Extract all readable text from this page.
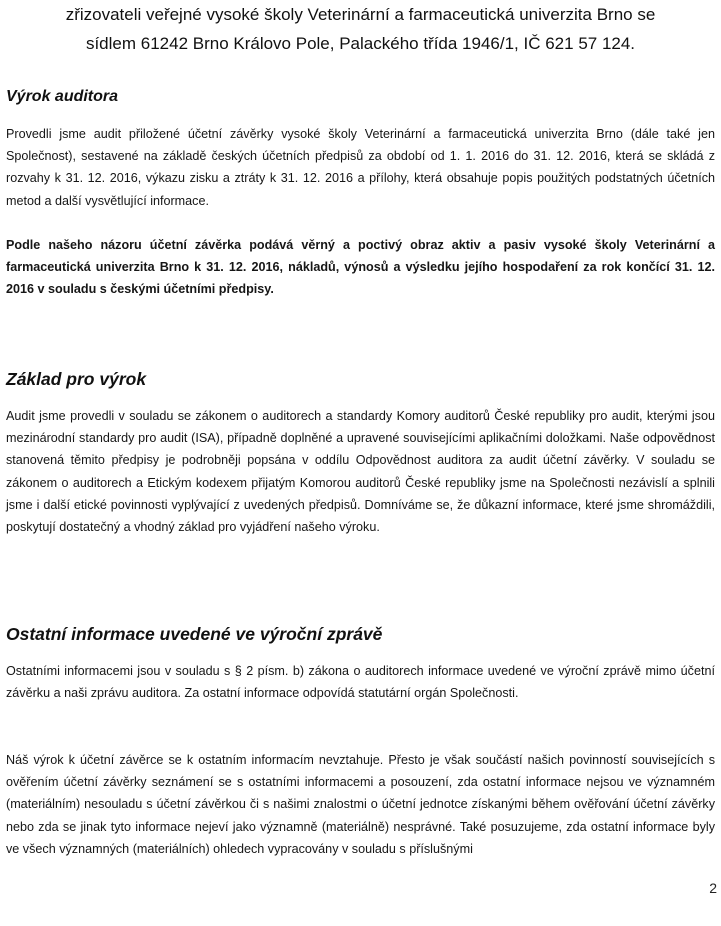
zřizovateli veřejné vysoké školy Veterinární a farmaceutická univerzita Brno se
sídlem 61242 Brno Královo Pole, Palackého třída 1946/1, IČ 621 57 124.
Výrok auditora

Provedli jsme audit přiložené účetní závěrky vysoké školy Veterinární a farmaceutická univerzita Brno (dále také jen Společnost), sestavené na základě českých účetních předpisů za období od 1. 1. 2016 do 31. 12. 2016, která se skládá z rozvahy k 31. 12. 2016, výkazu zisku a ztráty k 31. 12. 2016 a přílohy, která obsahuje popis použitých podstatných účetních metod a další vysvětlující informace.

Podle našeho názoru účetní závěrka podává věrný a poctivý obraz aktiv a pasiv vysoké školy Veterinární a farmaceutická univerzita Brno k 31. 12. 2016, nákladů, výnosů a výsledku jejího hospodaření za rok končící 31. 12. 2016 v souladu s českými účetními předpisy.

Základ pro výrok

Audit jsme provedli v souladu se zákonem o auditorech a standardy Komory auditorů České republiky pro audit, kterými jsou mezinárodní standardy pro audit (ISA), případně doplněné a upravené souvisejícími aplikačními doložkami. Naše odpovědnost stanovená těmito předpisy je podrobněji popsána v oddílu Odpovědnost auditora za audit účetní závěrky. V souladu se zákonem o auditorech a Etickým kodexem přijatým Komorou auditorů České republiky jsme na Společnosti nezávislí a splnili jsme i další etické povinnosti vyplývající z uvedených předpisů. Domníváme se, že důkazní informace, které jsme shromáždili, poskytují dostatečný a vhodný základ pro vyjádření našeho výroku.

Ostatní informace uvedené ve výroční zprávě

Ostatními informacemi jsou v souladu s § 2 písm. b) zákona o auditorech informace uvedené ve výroční zprávě mimo účetní závěrku a naši zprávu auditora. Za ostatní informace odpovídá statutární orgán Společnosti.

Náš výrok k účetní závěrce se k ostatním informacím nevztahuje. Přesto je však součástí našich povinností souvisejících s ověřením účetní závěrky seznámení se s ostatními informacemi a posouzení, zda ostatní informace nejsou ve významném (materiálním) nesouladu s účetní závěrkou či s našimi znalostmi o účetní jednotce získanými během ověřování účetní závěrky nebo zda se jinak tyto informace nejeví jako významně (materiálně) nesprávné. Také posuzujeme, zda ostatní informace byly ve všech významných (materiálních) ohledech vypracovány v souladu s příslušnými

2
